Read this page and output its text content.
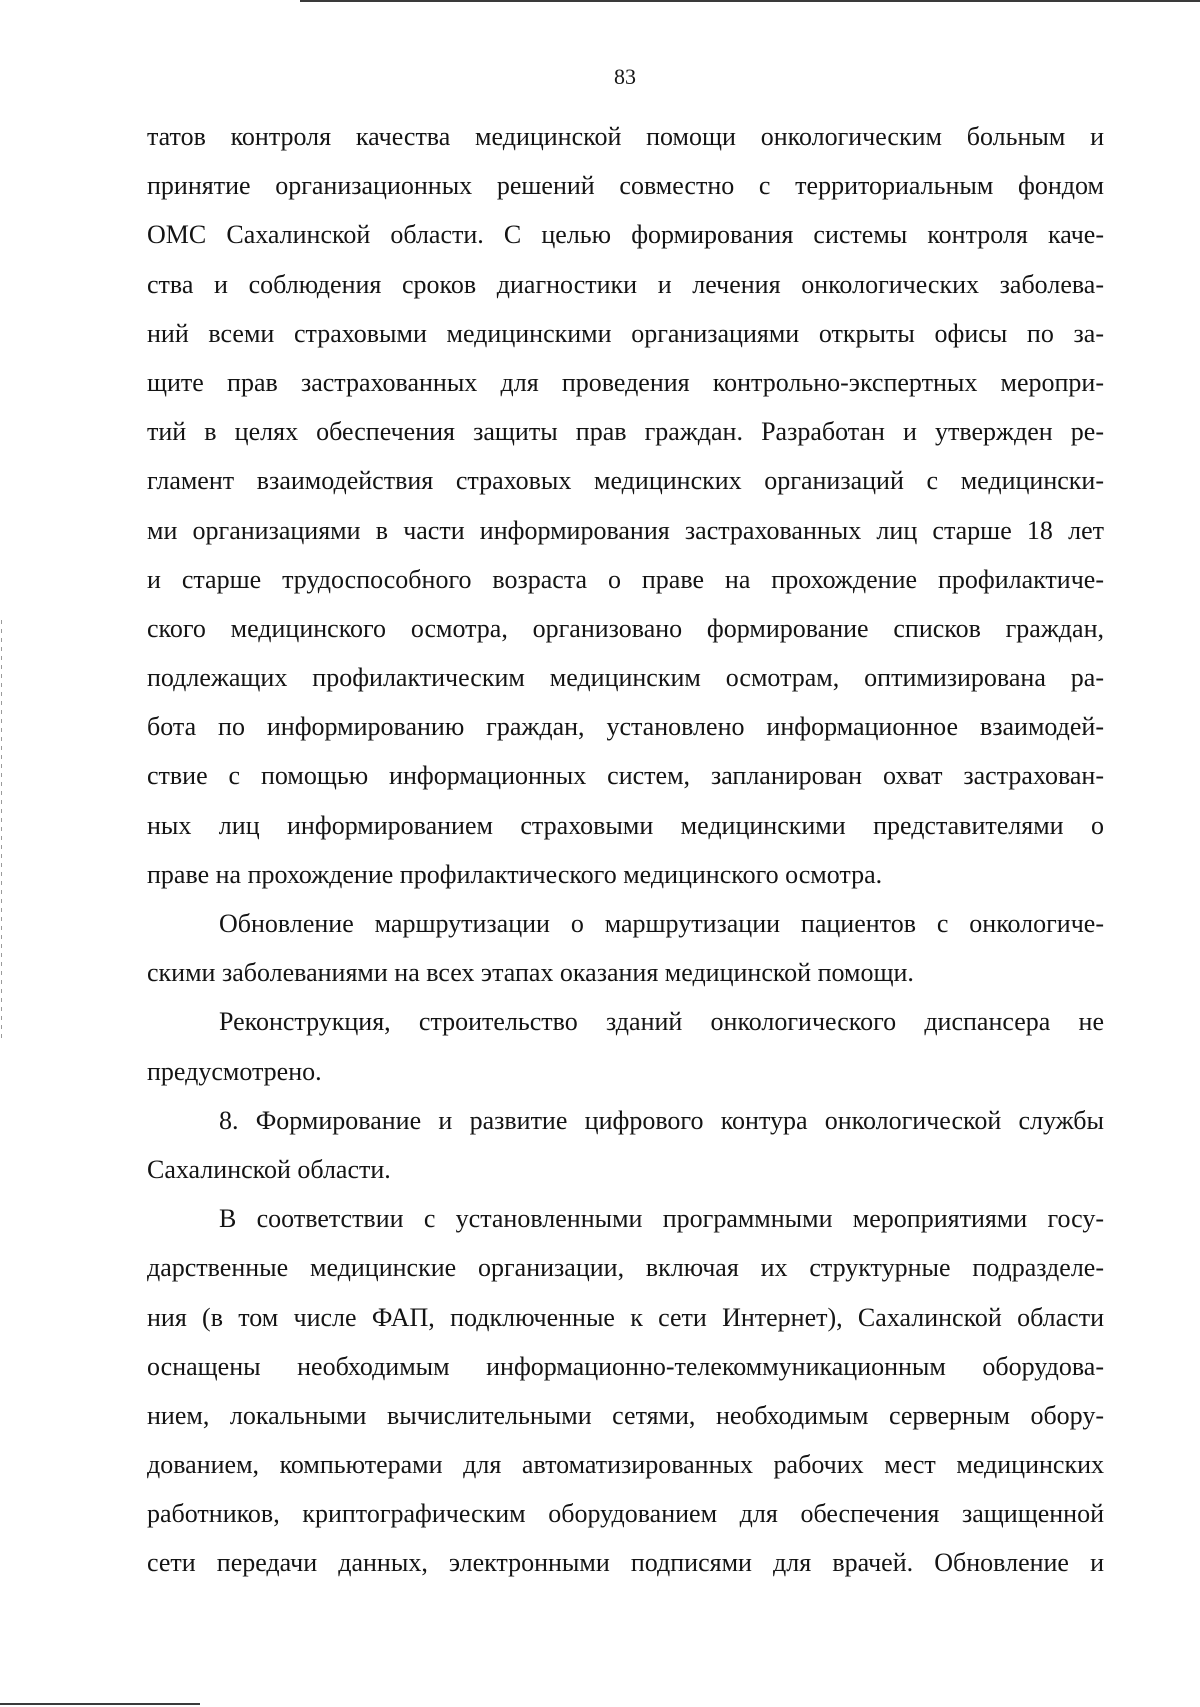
83
татов контроля качества медицинской помощи онкологическим больным и
принятие организационных решений совместно с территориальным фондом
ОМС Сахалинской области. С целью формирования системы контроля каче-
ства и соблюдения сроков диагностики и лечения онкологических заболева-
ний всеми страховыми медицинскими организациями открыты офисы по за-
щите прав застрахованных для проведения контрольно-экспертных меропри-
тий в целях обеспечения защиты прав граждан. Разработан и утвержден ре-
гламент взаимодействия страховых медицинских организаций с медицински-
ми организациями в части информирования застрахованных лиц старше 18 лет
и старше трудоспособного возраста о праве на прохождение профилактиче-
ского медицинского осмотра, организовано формирование списков граждан,
подлежащих профилактическим медицинским осмотрам, оптимизирована ра-
бота по информированию граждан, установлено информационное взаимодей-
ствие с помощью информационных систем, запланирован охват застрахован-
ных лиц информированием страховыми медицинскими представителями о
праве на прохождение профилактического медицинского осмотра.
Обновление маршрутизации о маршрутизации пациентов с онкологиче-
скими заболеваниями на всех этапах оказания медицинской помощи.
Реконструкция, строительство зданий онкологического диспансера не
предусмотрено.
8. Формирование и развитие цифрового контура онкологической службы
Сахалинской области.
В соответствии с установленными программными мероприятиями госу-
дарственные медицинские организации, включая их структурные подразделе-
ния (в том числе ФАП, подключенные к сети Интернет), Сахалинской области
оснащены необходимым информационно-телекоммуникационным оборудова-
нием, локальными вычислительными сетями, необходимым серверным обору-
дованием, компьютерами для автоматизированных рабочих мест медицинских
работников, криптографическим оборудованием для обеспечения защищенной
сети передачи данных, электронными подписями для врачей. Обновление и
